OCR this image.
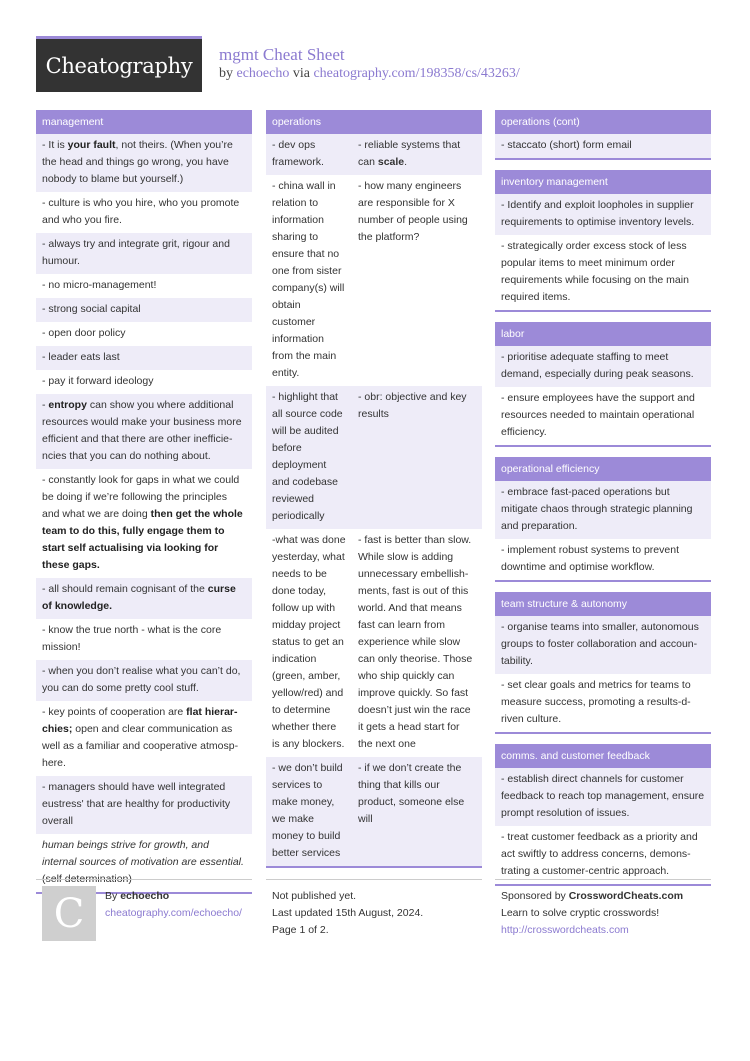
Cheatography mgmt Cheat Sheet
by echoecho via cheatography.com/198358/cs/43263/
management
- It is your fault, not theirs. (When you’re the head and things go wrong, you have nobody to blame but yourself.)
- culture is who you hire, who you promote and who you fire.
- always try and integrate grit, rigour and humour.
- no micro-management!
- strong social capital
- open door policy
- leader eats last
- pay it forward ideology
- entropy can show you where additional resources would make your business more efficient and that there are other inefficiencies that you can do nothing about.
- constantly look for gaps in what we could be doing if we’re following the principles and what we are doing then get the whole team to do this, fully engage them to start self actualising via looking for these gaps.
- all should remain cognisant of the curse of knowledge.
- know the true north - what is the core mission!
- when you don’t realise what you can’t do, you can do some pretty cool stuff.
- key points of cooperation are flat hierarchies; open and clear communication as well as a familiar and cooperative atmosphere.
- managers should have well integrated eustress' that are healthy for productivity overall
human beings strive for growth, and internal sources of motivation are essential. (self determination)
operations
- dev ops framework.
- reliable systems that can scale.
- china wall in relation to information sharing to ensure that no one from sister company(s) will obtain customer information from the main entity.
- how many engineers are responsible for X number of people using the platform?
- highlight that all source code will be audited before deployment and codebase reviewed periodically
- obr: objective and key results
-what was done yesterday, what needs to be done today, follow up with midday project status to get an indication (green, amber, yellow/red) and to determine whether there is any blockers.
- fast is better than slow. While slow is adding unnecessary embellishments, fast is out of this world. And that means fast can learn from experience while slow can only theorise. Those who ship quickly can improve quickly. So fast doesn’t just win the race it gets a head start for the next one
- we don’t build services to make money, we make money to build better services
- if we don’t create the thing that kills our product, someone else will
operations (cont)
- staccato (short) form email
inventory management
- Identify and exploit loopholes in supplier requirements to optimise inventory levels.
- strategically order excess stock of less popular items to meet minimum order requirements while focusing on the main required items.
labor
- prioritise adequate staffing to meet demand, especially during peak seasons.
- ensure employees have the support and resources needed to maintain operational efficiency.
operational efficiency
- embrace fast-paced operations but mitigate chaos through strategic planning and preparation.
- implement robust systems to prevent downtime and optimise workflow.
team structure & autonomy
- organise teams into smaller, autonomous groups to foster collaboration and accountability.
- set clear goals and metrics for teams to measure success, promoting a results-driven culture.
comms. and customer feedback
- establish direct channels for customer feedback to reach top management, ensure prompt resolution of issues.
- treat customer feedback as a priority and act swiftly to address concerns, demonstrating a customer-centric approach.
C By echoecho
cheatography.com/echoecho/
Not published yet.
Last updated 15th August, 2024.
Page 1 of 2.
Sponsored by CrosswordCheats.com
Learn to solve cryptic crosswords!
http://crosswordcheats.com
